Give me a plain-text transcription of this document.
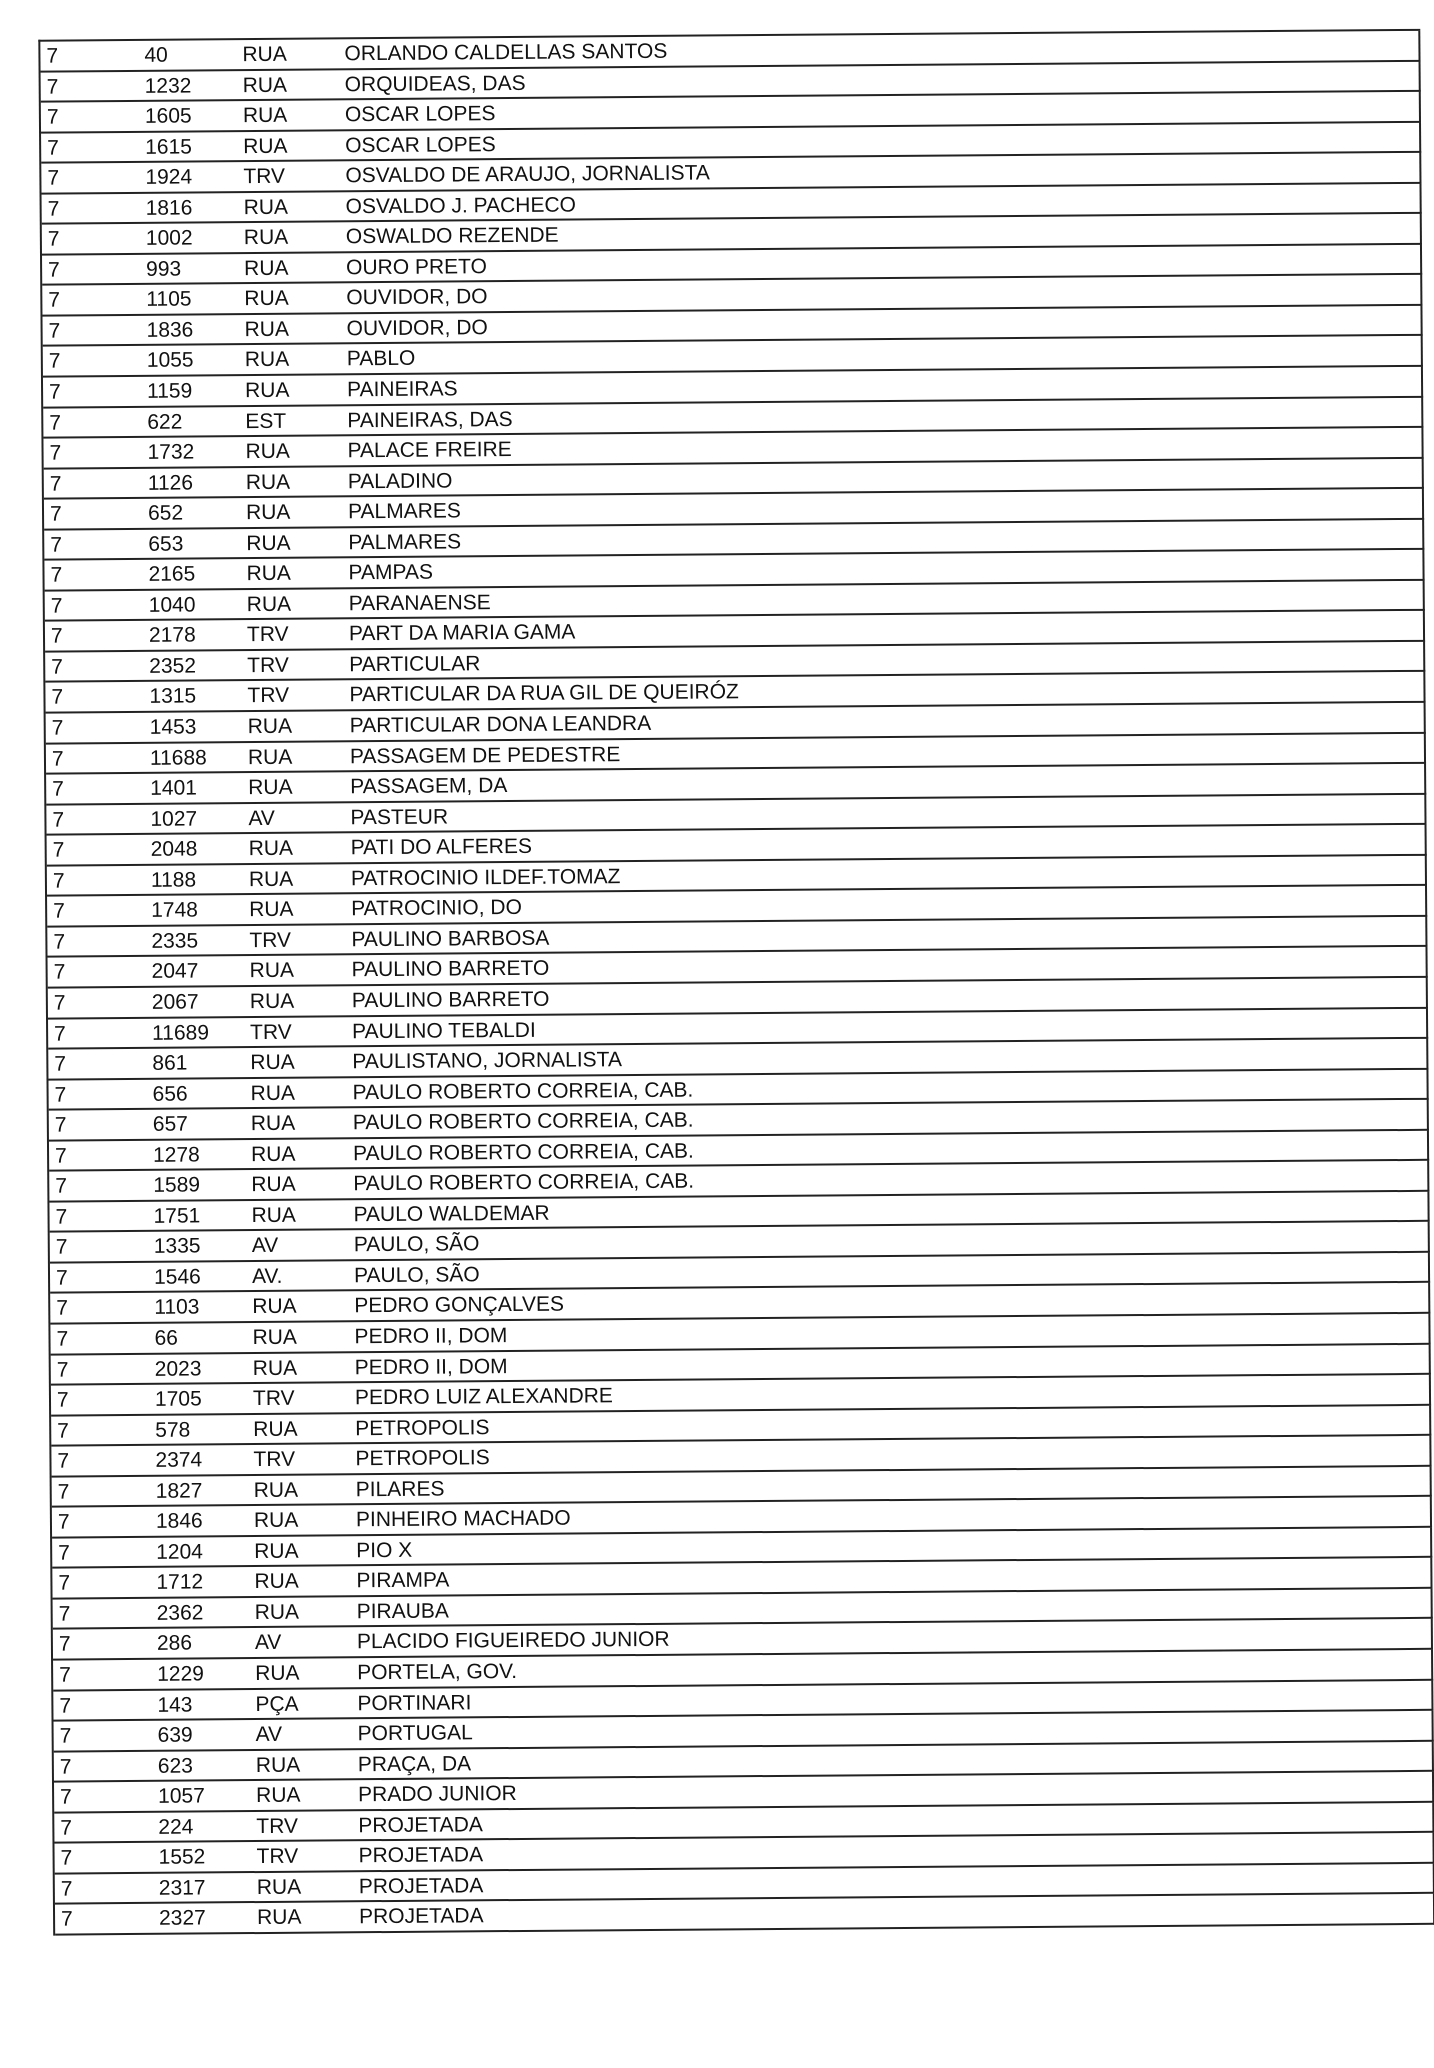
7	40	RUA	ORLANDO CALDELLAS SANTOS
7	1232 RUA	ORQUIDEAS, DAS
7	1605 RUA	OSCAR LOPES
7	1615 RUA	OSCAR LOPES
7	1924 TRV	OSVALDO DE ARAUJO, JORNALISTA
7	1816 RUA	OSVALDO J. PACHECO
7	1002 RUA	OSWALDO REZENDE
7	993	RUA	OURO PRETO
7	1105	RUA	OUVIDOR, DO
7	1836 RUA	OUVIDOR, DO
7	1055 RUA	PABLO
7	1159	RUA	PAINEIRAS
7	622	EST	PAINEIRAS, DAS
7	1732 RUA	PALACE FREIRE
7	1126	RUA	PALADINO
7	652	RUA	PALMARES
7	653	RUA	PALMARES
7	2165 RUA	PAMPAS
7	1040 RUA	PARANAENSE
7	2178 TRV	PART DA MARIA GAMA
7	2352 TRV	PARTICULAR
7	1315 TRV	PARTICULAR DA RUA GIL DE QUEIRÓZ
7	1453 RUA	PARTICULAR DONA LEANDRA
7	11688 RUA	PASSAGEM DE PEDESTRE
7	1401 RUA	PASSAGEM, DA
7	1027 AV	PASTEUR
7	2048 RUA	PATI DO ALFERES
7	1188	RUA	PATROCINIO ILDEF.TOMAZ
7	1748 RUA	PATROCINIO, DO
7	2335 TRV	PAULINO BARBOSA
7	2047 RUA	PAULINO BARRETO
7	2067 RUA	PAULINO BARRETO
7	11689 TRV	PAULINO TEBALDI
7	861	RUA	PAULISTANO, JORNALISTA
7	656	RUA	PAULO ROBERTO CORREIA, CAB.
7	657	RUA	PAULO ROBERTO CORREIA, CAB.
7	1278 RUA	PAULO ROBERTO CORREIA, CAB.
7	1589 RUA	PAULO ROBERTO CORREIA, CAB.
7	1751 RUA	PAULO WALDEMAR
7	1335 AV	PAULO, SÃO
7	1546 AV.	PAULO, SÃO
7	1103	RUA	PEDRO GONÇALVES
7	66	RUA	PEDRO II, DOM
7	2023 RUA	PEDRO II, DOM
7	1705 TRV	PEDRO LUIZ ALEXANDRE
7	578	RUA	PETROPOLIS
7	2374 TRV	PETROPOLIS
7	1827 RUA	PILARES
7	1846 RUA	PINHEIRO MACHADO
7	1204 RUA	PIO X
7	1712 RUA	PIRAMPA
7	2362 RUA	PIRAUBA
7	286	AV	PLACIDO FIGUEIREDO JUNIOR
7	1229 RUA	PORTELA, GOV.
7	143	PÇA	PORTINARI
7	639	AV	PORTUGAL
7	623	RUA	PRAÇA, DA
7	1057 RUA	PRADO JUNIOR
7	224	TRV	PROJETADA
7	1552 TRV	PROJETADA
7	2317 RUA	PROJETADA
7	2327 RUA	PROJETADA
